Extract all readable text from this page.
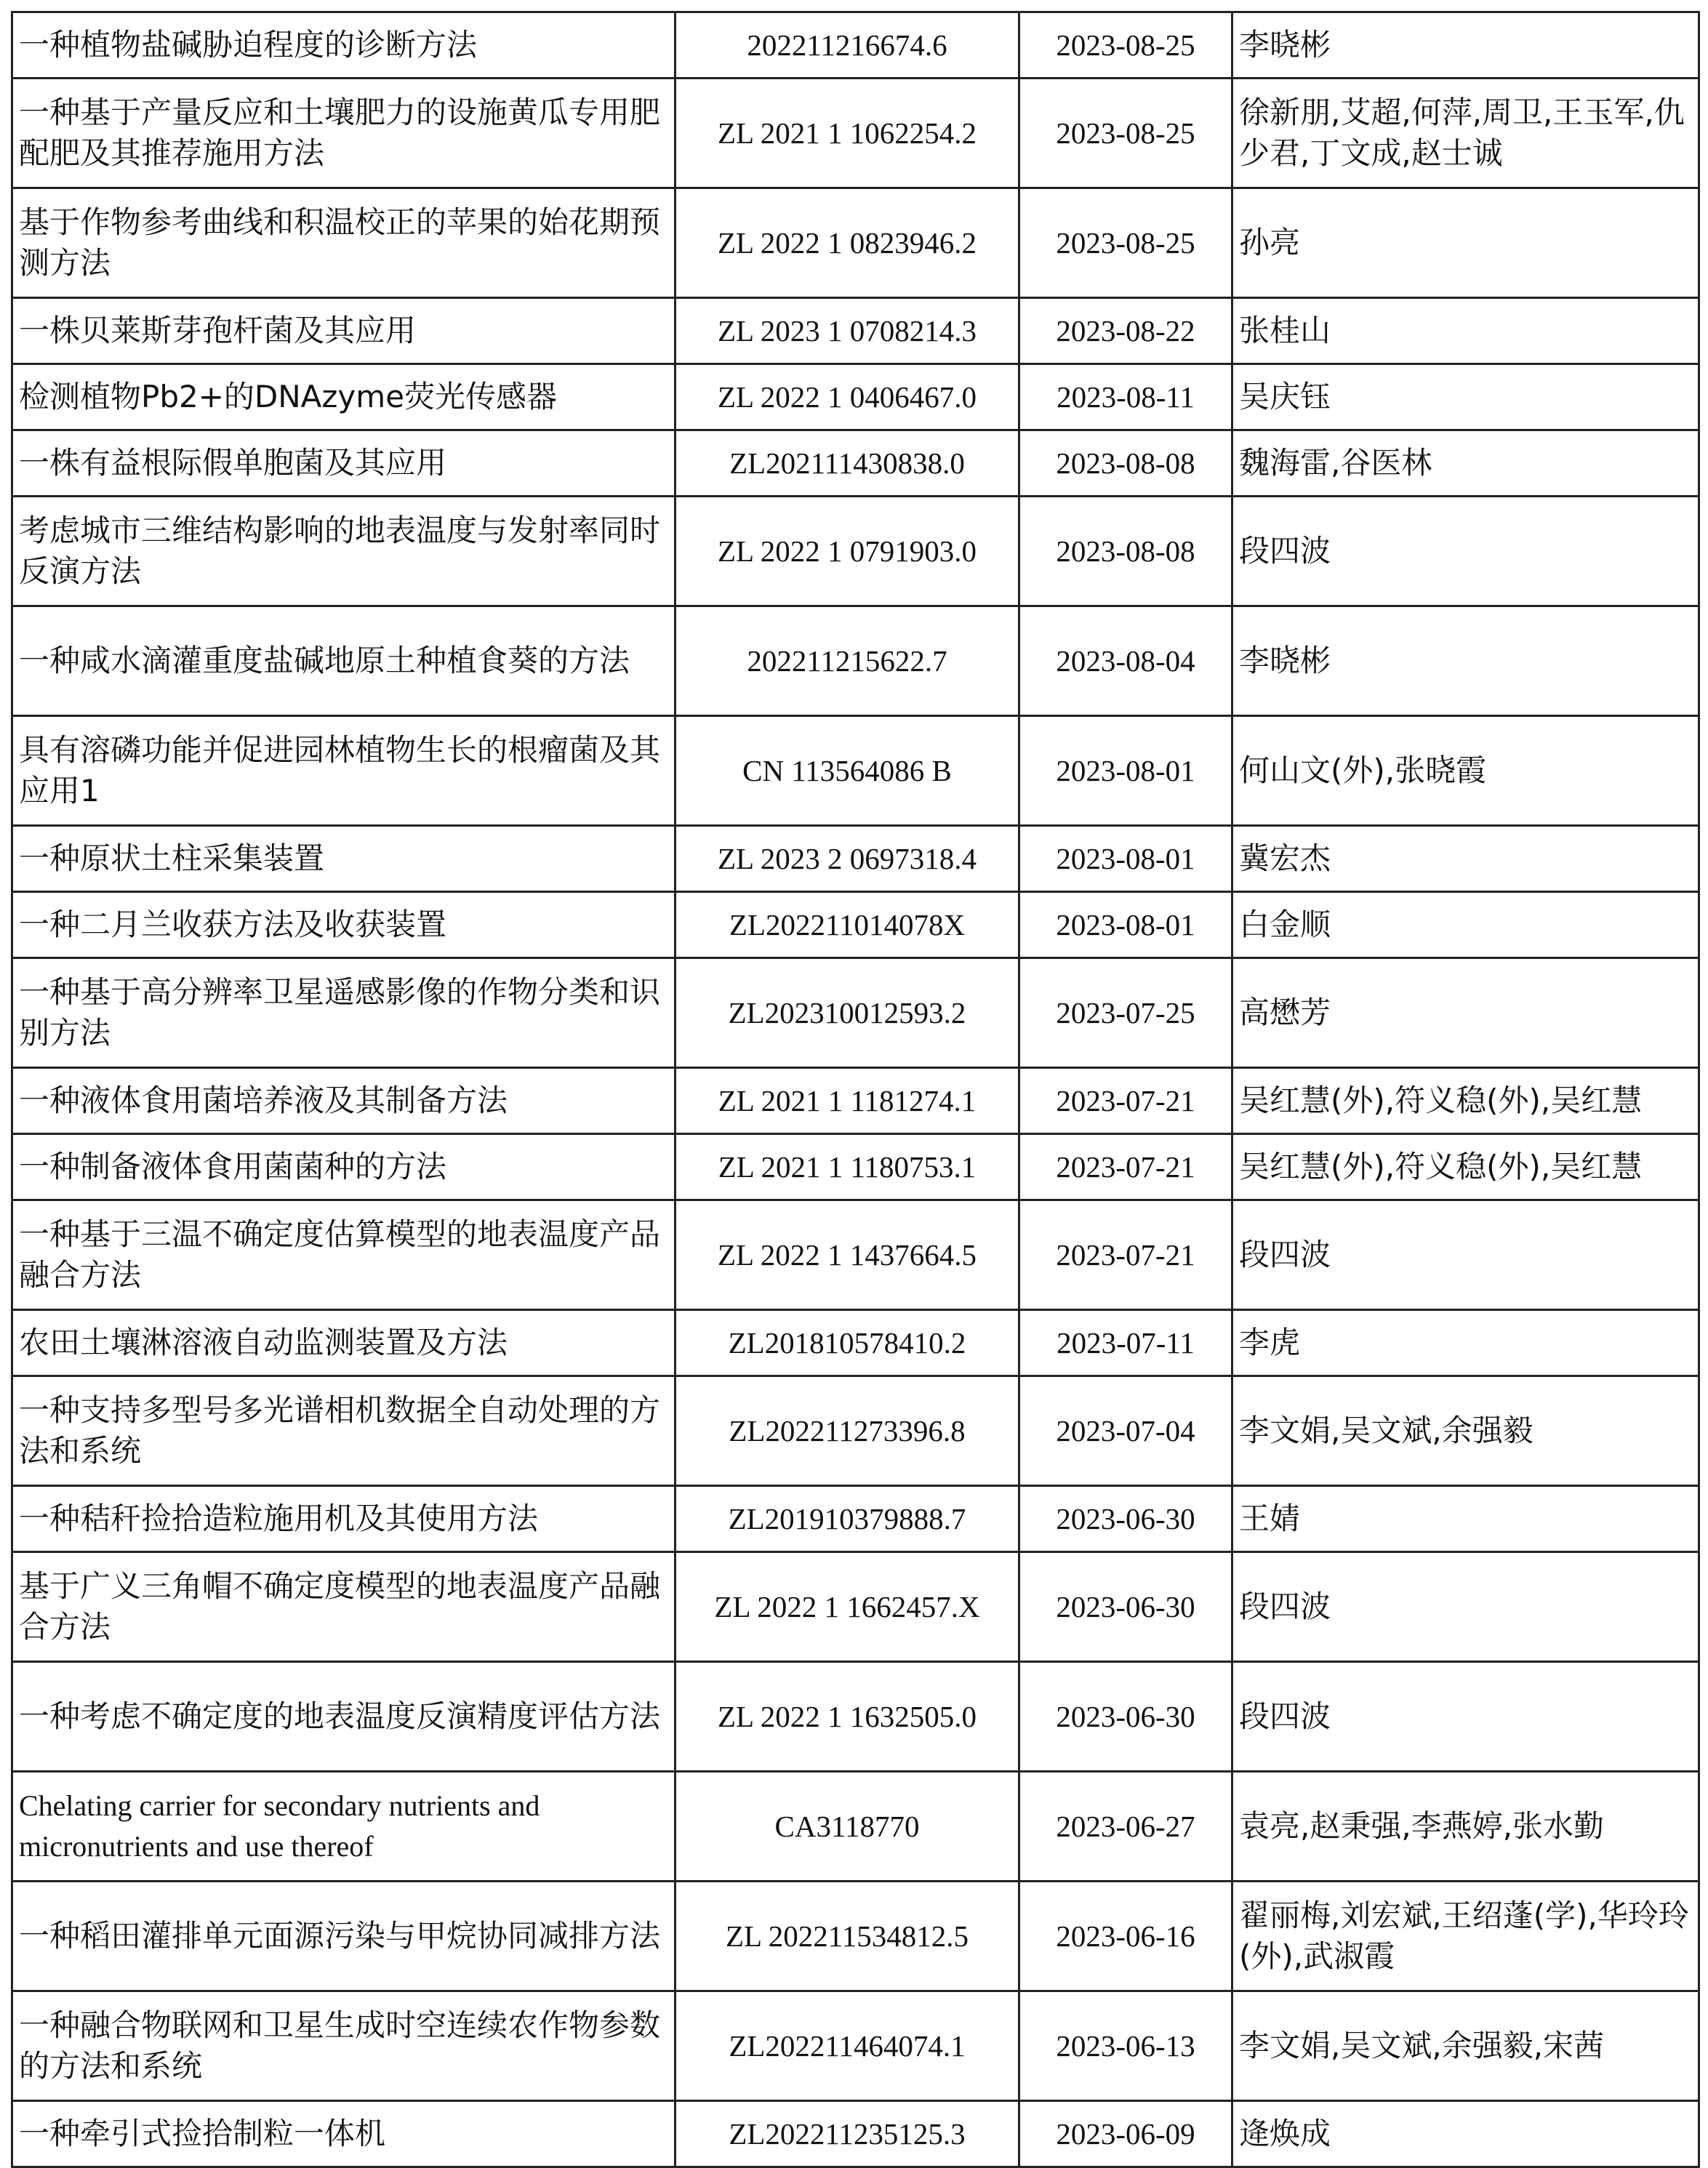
一种植物盐碱胁迫程度的诊断方法	202211216674.6	2023-08-25	李晓彬
一种基于产量反应和土壤肥力的设施黄瓜专用肥配肥及其推荐施用方法	ZL 2021 1 1062254.2	2023-08-25	徐新朋,艾超,何萍,周卫,王玉军,仇少君,丁文成,赵士诚
基于作物参考曲线和积温校正的苹果的始花期预测方法	ZL 2022 1 0823946.2	2023-08-25	孙亮
一株贝莱斯芽孢杆菌及其应用	ZL 2023 1 0708214.3	2023-08-22	张桂山
检测植物Pb2+的DNAzyme荧光传感器	ZL 2022 1 0406467.0	2023-08-11	吴庆钰
一株有益根际假单胞菌及其应用	ZL202111430838.0	2023-08-08	魏海雷,谷医林
考虑城市三维结构影响的地表温度与发射率同时反演方法	ZL 2022 1 0791903.0	2023-08-08	段四波
一种咸水滴灌重度盐碱地原土种植食葵的方法	202211215622.7	2023-08-04	李晓彬
具有溶磷功能并促进园林植物生长的根瘤菌及其应用1	CN 113564086 B	2023-08-01	何山文(外),张晓霞
一种原状土柱采集装置	ZL 2023 2 0697318.4	2023-08-01	冀宏杰
一种二月兰收获方法及收获装置	ZL202211014078X	2023-08-01	白金顺
一种基于高分辨率卫星遥感影像的作物分类和识别方法	ZL202310012593.2	2023-07-25	高懋芳
一种液体食用菌培养液及其制备方法	ZL 2021 1 1181274.1	2023-07-21	吴红慧(外),符义稳(外),吴红慧
一种制备液体食用菌菌种的方法	ZL 2021 1 1180753.1	2023-07-21	吴红慧(外),符义稳(外),吴红慧
一种基于三温不确定度估算模型的地表温度产品融合方法	ZL 2022 1 1437664.5	2023-07-21	段四波
农田土壤淋溶液自动监测装置及方法	ZL201810578410.2	2023-07-11	李虎
一种支持多型号多光谱相机数据全自动处理的方法和系统	ZL202211273396.8	2023-07-04	李文娟,吴文斌,余强毅
一种秸秆捡拾造粒施用机及其使用方法	ZL201910379888.7	2023-06-30	王婧
基于广义三角帽不确定度模型的地表温度产品融合方法	ZL 2022 1 1662457.X	2023-06-30	段四波
一种考虑不确定度的地表温度反演精度评估方法	ZL 2022 1 1632505.0	2023-06-30	段四波
Chelating carrier for secondary nutrients and micronutrients and use thereof	CA3118770	2023-06-27	袁亮,赵秉强,李燕婷,张水勤
一种稻田灌排单元面源污染与甲烷协同减排方法	ZL 202211534812.5	2023-06-16	翟丽梅,刘宏斌,王绍蓬(学),华玲玲(外),武淑霞
一种融合物联网和卫星生成时空连续农作物参数的方法和系统	ZL202211464074.1	2023-06-13	李文娟,吴文斌,余强毅,宋茜
一种牵引式捡拾制粒一体机	ZL202211235125.3	2023-06-09	逄焕成
